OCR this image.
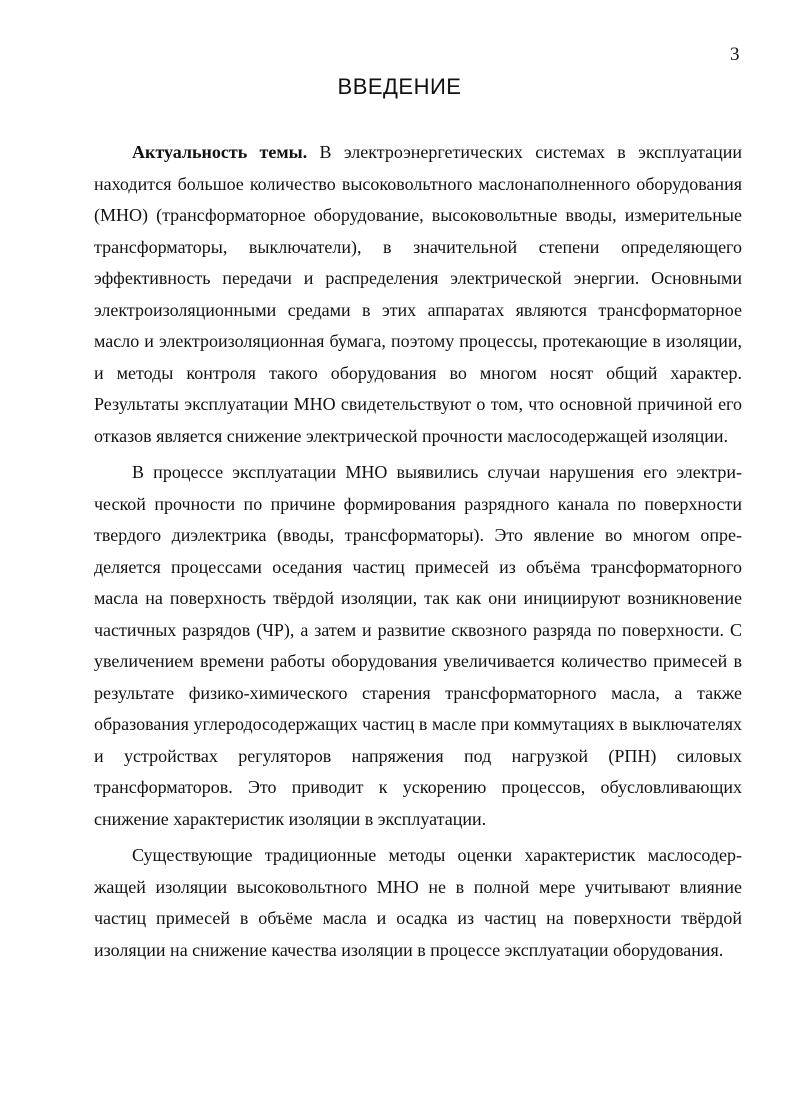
3
ВВЕДЕНИЕ

Актуальность темы. В электроэнергетических системах в эксплуатации находится большое количество высоковольтного маслонаполненного оборудования (МНО) (трансформаторное оборудование, высоковольтные вводы, измерительные трансформаторы, выключатели), в значительной степени определяющего эффективность передачи и распределения электрической энергии. Основными электроизоляционными средами в этих аппаратах являются трансформаторное масло и электроизоляционная бумага, поэтому процессы, протекающие в изоляции, и методы контроля такого оборудования во многом носят общий характер. Результаты эксплуатации МНО свидетельствуют о том, что основной причиной его отказов является снижение электрической прочности маслосодержащей изоляции.

В процессе эксплуатации МНО выявились случаи нарушения его электрической прочности по причине формирования разрядного канала по поверхности твердого диэлектрика (вводы, трансформаторы). Это явление во многом определяется процессами оседания частиц примесей из объёма трансформаторного масла на поверхность твёрдой изоляции, так как они инициируют возникновение частичных разрядов (ЧР), а затем и развитие сквозного разряда по поверхности. С увеличением времени работы оборудования увеличивается количество примесей в результате физико-химического старения трансформаторного масла, а также образования углеродосодержащих частиц в масле при коммутациях в выключателях и устройствах регуляторов напряжения под нагрузкой (РПН) силовых трансформаторов. Это приводит к ускорению процессов, обусловливающих снижение характеристик изоляции в эксплуатации.

Существующие традиционные методы оценки характеристик маслосодержащей изоляции высоковольтного МНО не в полной мере учитывают влияние частиц примесей в объёме масла и осадка из частиц на поверхности твёрдой изоляции на снижение качества изоляции в процессе эксплуатации оборудования.
